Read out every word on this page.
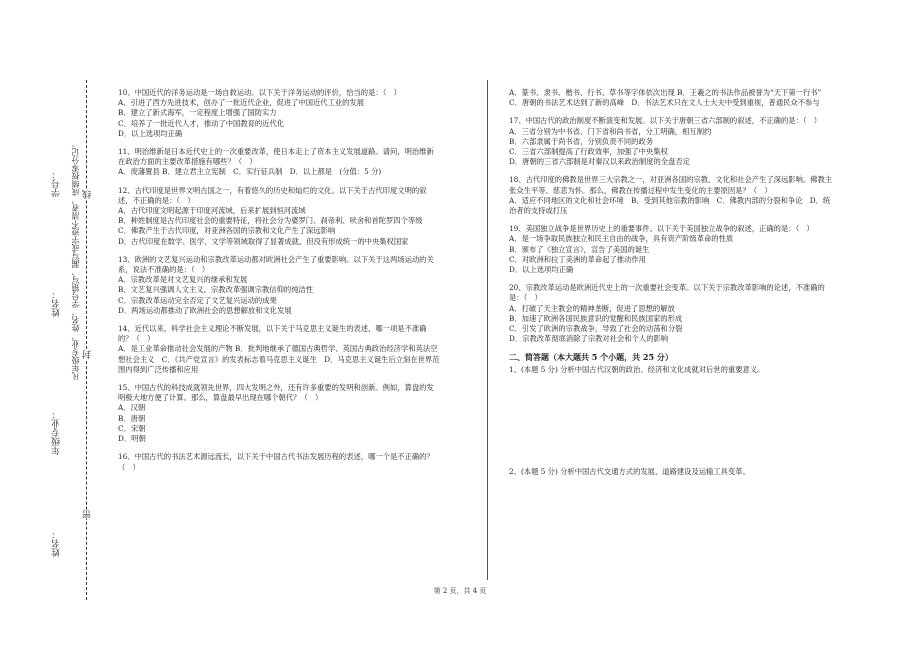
姓名：
年级专业：
姓名：
学号： 凡年级专业、姓名、学号错写、漏写或字迹不清者，成绩按零分记。
密
封
线

10、中国近代的洋务运动是一场自救运动。以下关于洋务运动的评价，恰当的是：（　）

A．引进了西方先进技术，创办了一批近代企业，促进了中国近代工业的发展

B．建立了新式海军，一定程度上增强了国防实力

C．培养了一批近代人才，推动了中国教育的近代化

D．以上选项均正确

11、明治维新是日本近代史上的一次重要改革，使日本走上了资本主义发展道路。请问，明治维新在政治方面的主要改革措施有哪些？（　）

A．废藩置县 B．建立君主立宪制　C．实行征兵制　D．以上都是　(分值：5 分)

12、古代印度是世界文明古国之一，有着悠久的历史和灿烂的文化。以下关于古代印度文明的叙述，不正确的是：（　）

A．古代印度文明起源于印度河流域，后来扩展到恒河流域

B．种姓制度是古代印度社会的重要特征，将社会分为婆罗门、刹帝利、吠舍和首陀罗四个等级

C．佛教产生于古代印度，对亚洲各国的宗教和文化产生了深远影响

D．古代印度在数学、医学、文学等领域取得了显著成就，但没有形成统一的中央集权国家

13、欧洲的文艺复兴运动和宗教改革运动都对欧洲社会产生了重要影响。以下关于这两场运动的关系，说法不准确的是：（　）

A．宗教改革是对文艺复兴的继承和发展

B．文艺复兴强调人文主义，宗教改革强调宗教信仰的纯洁性

C．宗教改革运动完全否定了文艺复兴运动的成果

D．两场运动都推动了欧洲社会的思想解放和文化发展

14、近代以来，科学社会主义理论不断发展，以下关于马克思主义诞生的表述，哪一项是不准确的？（　）

A．是工业革命推动社会发展的产物 B．批判地继承了德国古典哲学、英国古典政治经济学和英法空想社会主义　C．《共产党宣言》的发表标志着马克思主义诞生　D．马克思主义诞生后立刻在世界范围内得到广泛传播和应用

15、中国古代的科技成就领先世界，四大发明之外，还有许多重要的发明和创新。例如，算盘的发明极大地方便了计算。那么，算盘最早出现在哪个朝代？（　）

A．汉朝

B．唐朝

C．宋朝

D．明朝

16、中国古代的书法艺术源远流长，以下关于中国古代书法发展历程的表述，哪一个是不正确的？（　）

A．篆书、隶书、楷书、行书、草书等字体依次出现 B．王羲之的书法作品被誉为“天下第一行书”　C．唐朝的书法艺术达到了新的高峰　D．书法艺术只在文人士大夫中受到重视，普通民众不参与

17、中国古代的政治制度不断演变和发展。以下关于唐朝三省六部制的叙述，不正确的是：（　）

A．三省分别为中书省、门下省和尚书省，分工明确，相互制约

B．六部隶属于尚书省，分别负责不同的政务

C．三省六部制提高了行政效率，加强了中央集权

D．唐朝的三省六部制是对秦汉以来政治制度的全盘否定

18、古代印度的佛教是世界三大宗教之一，对亚洲各国的宗教、文化和社会产生了深远影响。佛教主张众生平等、慈悲为怀。那么，佛教在传播过程中发生变化的主要原因是？（　）

A．适应不同地区的文化和社会环境　B．受到其他宗教的影响　C．佛教内部的分裂和争论　D．统治者的支持或打压

19、美国独立战争是世界历史上的重要事件。以下关于美国独立战争的叙述，正确的是：（　）

A．是一场争取民族独立和民主自由的战争，具有资产阶级革命的性质

B．颁布了《独立宣言》，宣告了美国的诞生

C．对欧洲和拉丁美洲的革命起了推动作用

D．以上选项均正确

20、宗教改革运动是欧洲近代史上的一次重要社会变革。以下关于宗教改革影响的论述，不准确的是：（　）

A．打破了天主教会的精神垄断，促进了思想的解放

B．加速了欧洲各国民族意识的觉醒和民族国家的形成

C．引发了欧洲的宗教战争，导致了社会的动荡和分裂

D．宗教改革彻底消除了宗教对社会和个人的影响

二、简答题（本大题共 5 个小题，共 25 分）

1、(本题 5 分) 分析中国古代汉朝的政治、经济和文化成就对后世的重要意义。

2、(本题 5 分) 分析中国古代交通方式的发展、道路建设及运输工具变革。

第 2 页，共 4 页
